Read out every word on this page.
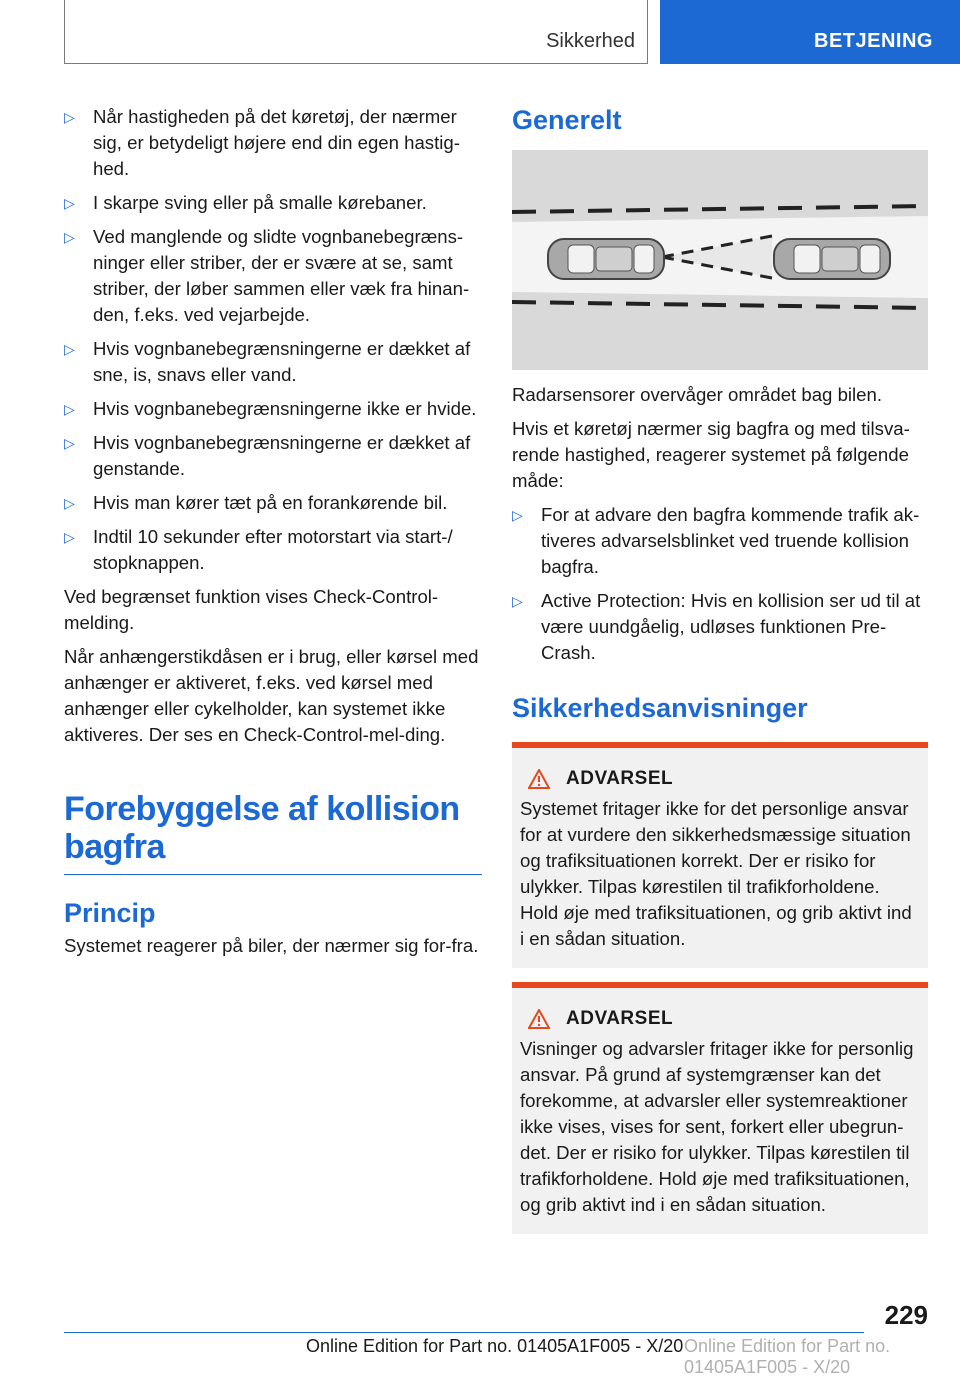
Sikkerhed	BETJENING
▷ Når hastigheden på det køretøj, der nærmer sig, er betydeligt højere end din egen hastig-hed.
▷ I skarpe sving eller på smalle kørebaner.
▷ Ved manglende og slidte vognbanebegræns-ninger eller striber, der er svære at se, samt striber, der løber sammen eller væk fra hinan-den, f.eks. ved vejarbejde.
▷ Hvis vognbanebegrænsningerne er dækket af sne, is, snavs eller vand.
▷ Hvis vognbanebegrænsningerne ikke er hvide.
▷ Hvis vognbanebegrænsningerne er dækket af genstande.
▷ Hvis man kører tæt på en forankørende bil.
▷ Indtil 10 sekunder efter motorstart via start-/ stopknappen.

Ved begrænset funktion vises Check-Control-melding.

Når anhængerstikdåsen er i brug, eller kørsel med anhænger er aktiveret, f.eks. ved kørsel med anhænger eller cykelholder, kan systemet ikke aktiveres. Der ses en Check-Control-mel-ding.

Forebyggelse af kollision bagfra
Princip

Systemet reagerer på biler, der nærmer sig for-fra.

Generelt

Radarsensorer overvåger området bag bilen.

Hvis et køretøj nærmer sig bagfra og med tilsva-rende hastighed, reagerer systemet på følgende måde:

▷ For at advare den bagfra kommende trafik ak-tiveres advarselsblinket ved truende kollision bagfra.
▷ Active Protection: Hvis en kollision ser ud til at være uundgåelig, udløses funktionen Pre-Crash.
Sikkerhedsanvisninger
ADVARSEL
Systemet fritager ikke for det personlige ansvar for at vurdere den sikkerhedsmæssige situation og trafiksituationen korrekt. Der er risiko for ulykker. Tilpas kørestilen til trafikforholdene. Hold øje med trafiksituationen, og grib aktivt ind i en sådan situation.
ADVARSEL
Visninger og advarsler fritager ikke for personlig ansvar. På grund af systemgrænser kan det forekomme, at advarsler eller systemreaktioner ikke vises, vises for sent, forkert eller ubegrun-det. Der er risiko for ulykker. Tilpas kørestilen til trafikforholdene. Hold øje med trafiksituationen, og grib aktivt ind i en sådan situation.
229
Online Edition for Part no. 01405A1F005 - X/20 Online Edition for Part no. 01405A1F005 - X/20
